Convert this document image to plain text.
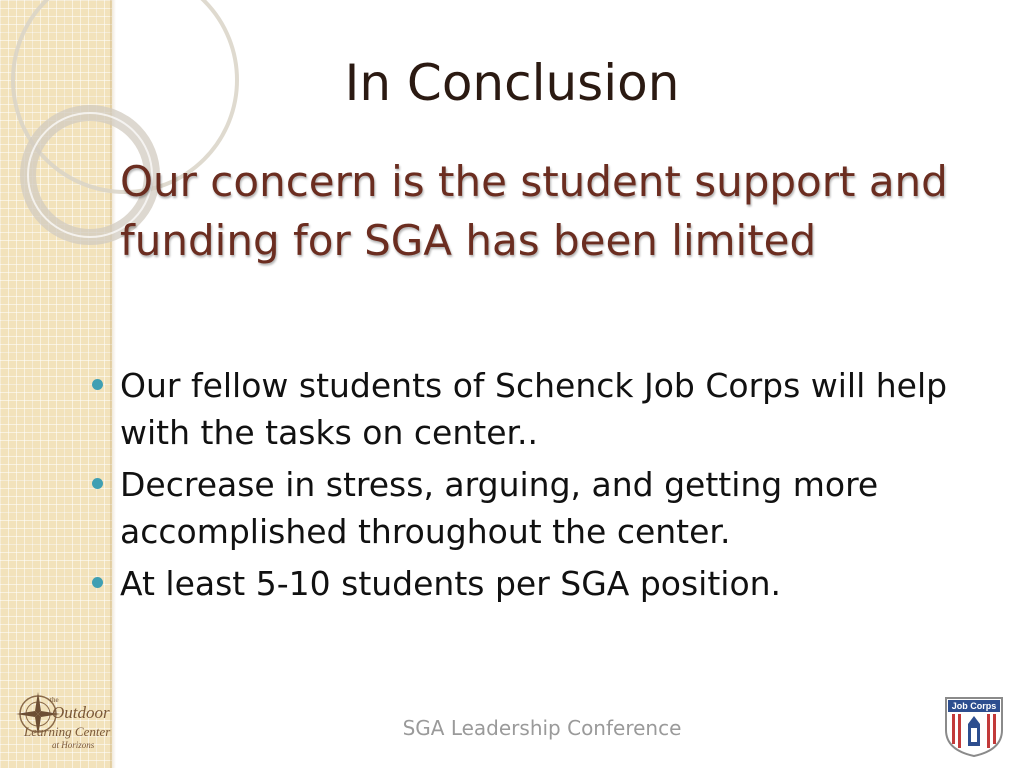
In Conclusion
Our concern is the student support and funding for SGA has been limited
Our fellow students of Schenck Job Corps will help with the tasks on center..
Decrease in stress, arguing, and getting more accomplished throughout the center.
At least 5-10 students per SGA position.
SGA Leadership Conference
the
Outdoor
Learning Center
at Horizons
Job Corps
